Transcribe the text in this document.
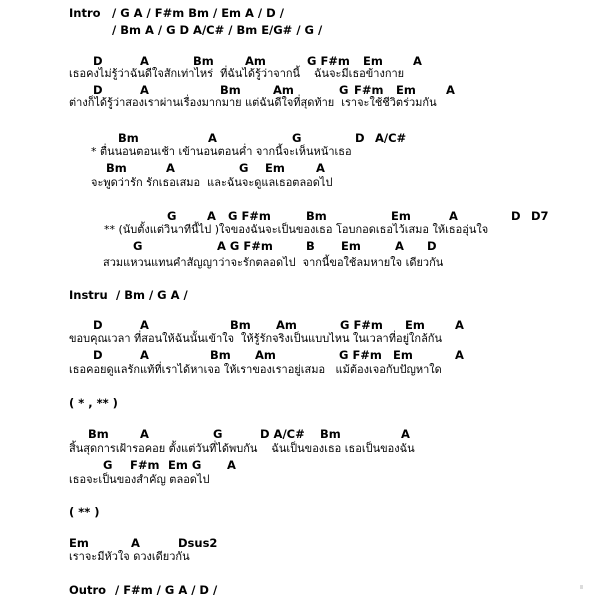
Intro / G A / F#m Bm / Em A / D /
/ Bm A / G D A/C# / Bm E/G# / G /

D

	A

	Bm

	Am

	G F#m

Em

	A

เธอคงไม่รู้ว่าฉันดีใจสักเท่าไหร่  ที่ฉันได้รู้ว่าจากนี้    ฉันจะมีเธอข้างกาย

D

	A

	Bm

	Am

	G

F#m

Em

	A

ต่างก็ได้รู้ว่าสองเราผ่านเรื่องมากมาย แต่ฉันดีใจที่สุดท้าย  เราจะใช้ชีวิตร่วมกัน

Bm

	A

	G

	D

A/C#

* ตื่นนอนตอนเช้า เข้านอนตอนค่ำ จากนี้จะเห็นหน้าเธอ

Bm

	A

	G

Em

	A

จะพูดว่ารัก รักเธอเสมอ  และฉันจะดูแลเธอตลอดไป

G

	A

G F#m

	Bm

	Em

	A

	D

D7

** (นับตั้งแต่วินาทีนี้ไป )ใจของฉันจะเป็นของเธอ โอบกอดเธอไว้เสมอ ให้เธออุ่นใจ

G

	A G F#m

	B

Em

	A

D

สวมแหวนแทนคำสัญญาว่าจะรักตลอดไป  จากนี้ขอใช้ลมหายใจ เดียวกัน
Instru / Bm / G A /

D

	A

	Bm

Am

	G F#m

Em

	A

ขอบคุณเวลา ที่สอนให้ฉันนั้นเข้าใจ  ให้รู้รักจริงเป็นแบบไหน ในเวลาที่อยู่ใกล้กัน

D

	A

	Bm

Am

	G F#m

Em

	A

เธอคอยดูแลรักแท้ที่เราได้หาเจอ ให้เราของเราอยู่เสมอ   แม้ต้องเจอกับปัญหาใด
( * , ** )

Bm

	A

	G

	D A/C#

Bm

	A

สิ้นสุดการเฝ้ารอคอย ตั้งแต่วันที่ได้พบกัน    ฉันเป็นของเธอ เธอเป็นของฉัน

G

F#m

Em G

A

เธอจะเป็นของสำคัญ ตลอดไป
( ** )

Em

	A

	Dsus2

เราจะมีหัวใจ ดวงเดียวกัน
Outro / F#m / G A / D /
